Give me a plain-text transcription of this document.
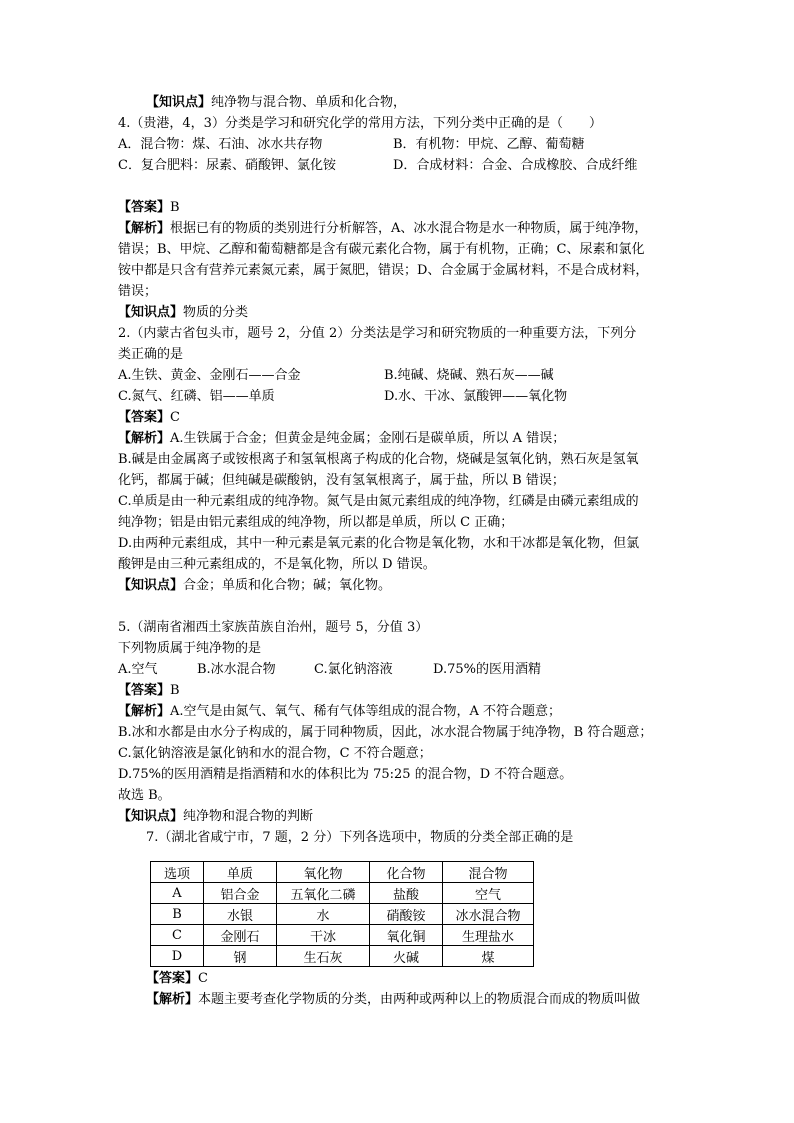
【知识点】纯净物与混合物、单质和化合物，
4.（贵港，4，3）分类是学习和研究化学的常用方法，下列分类中正确的是（　　）
A．混合物：煤、石油、冰水共存物	B．有机物：甲烷、乙醇、葡萄糖
C．复合肥料：尿素、硝酸钾、氯化铵	D．合成材料：合金、合成橡胶、合成纤维
【答案】B
【解析】根据已有的物质的类别进行分析解答，A、冰水混合物是水一种物质，属于纯净物，
错误；B、甲烷、乙醇和葡萄糖都是含有碳元素化合物，属于有机物，正确；C、尿素和氯化
铵中都是只含有营养元素氮元素，属于氮肥，错误；D、合金属于金属材料，不是合成材料，
错误；
【知识点】物质的分类
2.（内蒙古省包头市，题号 2，分值 2）分类法是学习和研究物质的一种重要方法，下列分
类正确的是
A.生铁、黄金、金刚石——合金	B.纯碱、烧碱、熟石灰——碱
C.氮气、红磷、铝——单质	D.水、干冰、氯酸钾——氧化物
【答案】C
【解析】A.生铁属于合金；但黄金是纯金属；金刚石是碳单质，所以 A 错误；
B.碱是由金属离子或铵根离子和氢氧根离子构成的化合物，烧碱是氢氧化钠，熟石灰是氢氧
化钙，都属于碱；但纯碱是碳酸钠，没有氢氧根离子，属于盐，所以 B 错误；
C.单质是由一种元素组成的纯净物。氮气是由氮元素组成的纯净物，红磷是由磷元素组成的
纯净物；铝是由铝元素组成的纯净物，所以都是单质，所以 C 正确；
D.由两种元素组成，其中一种元素是氧元素的化合物是氧化物，水和干冰都是氧化物，但氯
酸钾是由三种元素组成的，不是氧化物，所以 D 错误。
【知识点】合金；单质和化合物；碱；氧化物。
5.（湖南省湘西土家族苗族自治州，题号 5，分值 3）
下列物质属于纯净物的是
A.空气	B.冰水混合物	C.氯化钠溶液	D.75%的医用酒精
【答案】B
【解析】A.空气是由氮气、氧气、稀有气体等组成的混合物，A 不符合题意；
B.冰和水都是由水分子构成的，属于同种物质，因此，冰水混合物属于纯净物，B 符合题意；
C.氯化钠溶液是氯化钠和水的混合物，C 不符合题意；
D.75%的医用酒精是指酒精和水的体积比为 75:25 的混合物，D 不符合题意。
故选 B。
【知识点】纯净物和混合物的判断
7.（湖北省咸宁市，7 题，2 分）下列各选项中，物质的分类全部正确的是
选项	单质	氧化物	化合物	混合物
A	铝合金	五氧化二磷	盐酸	空气
B	水银	水	硝酸铵	冰水混合物
C	金刚石	干冰	氧化铜	生理盐水
D	钢	生石灰	火碱	煤
【答案】C
【解析】本题主要考查化学物质的分类，由两种或两种以上的物质混合而成的物质叫做
